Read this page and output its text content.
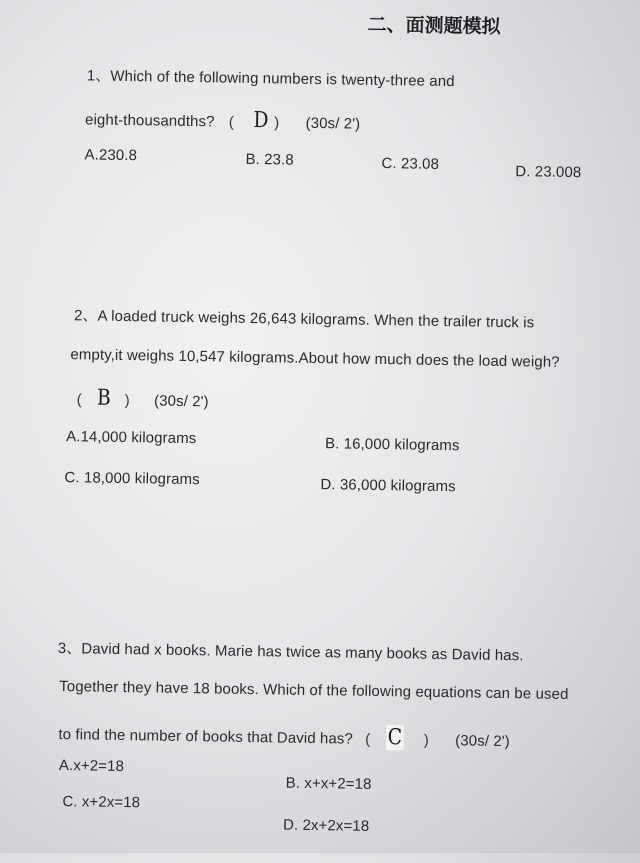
二、面测题模拟
1、Which of the following numbers is twenty-three and
eight-thousandths? ( D ) (30s/ 2')
A.230.8	B. 23.8	C. 23.08	D. 23.008
2、A loaded truck weighs 26,643 kilograms. When the trailer truck is
empty,it weighs 10,547 kilograms.About how much does the load weigh?
( B ) (30s/ 2')
A.14,000 kilograms	B. 16,000 kilograms
C. 18,000 kilograms	D. 36,000 kilograms
3、David had x books. Marie has twice as many books as David has.
Together they have 18 books. Which of the following equations can be used
to find the number of books that David has? ( C ) (30s/ 2')
A.x+2=18
B. x+x+2=18
C. x+2x=18
D. 2x+2x=18
